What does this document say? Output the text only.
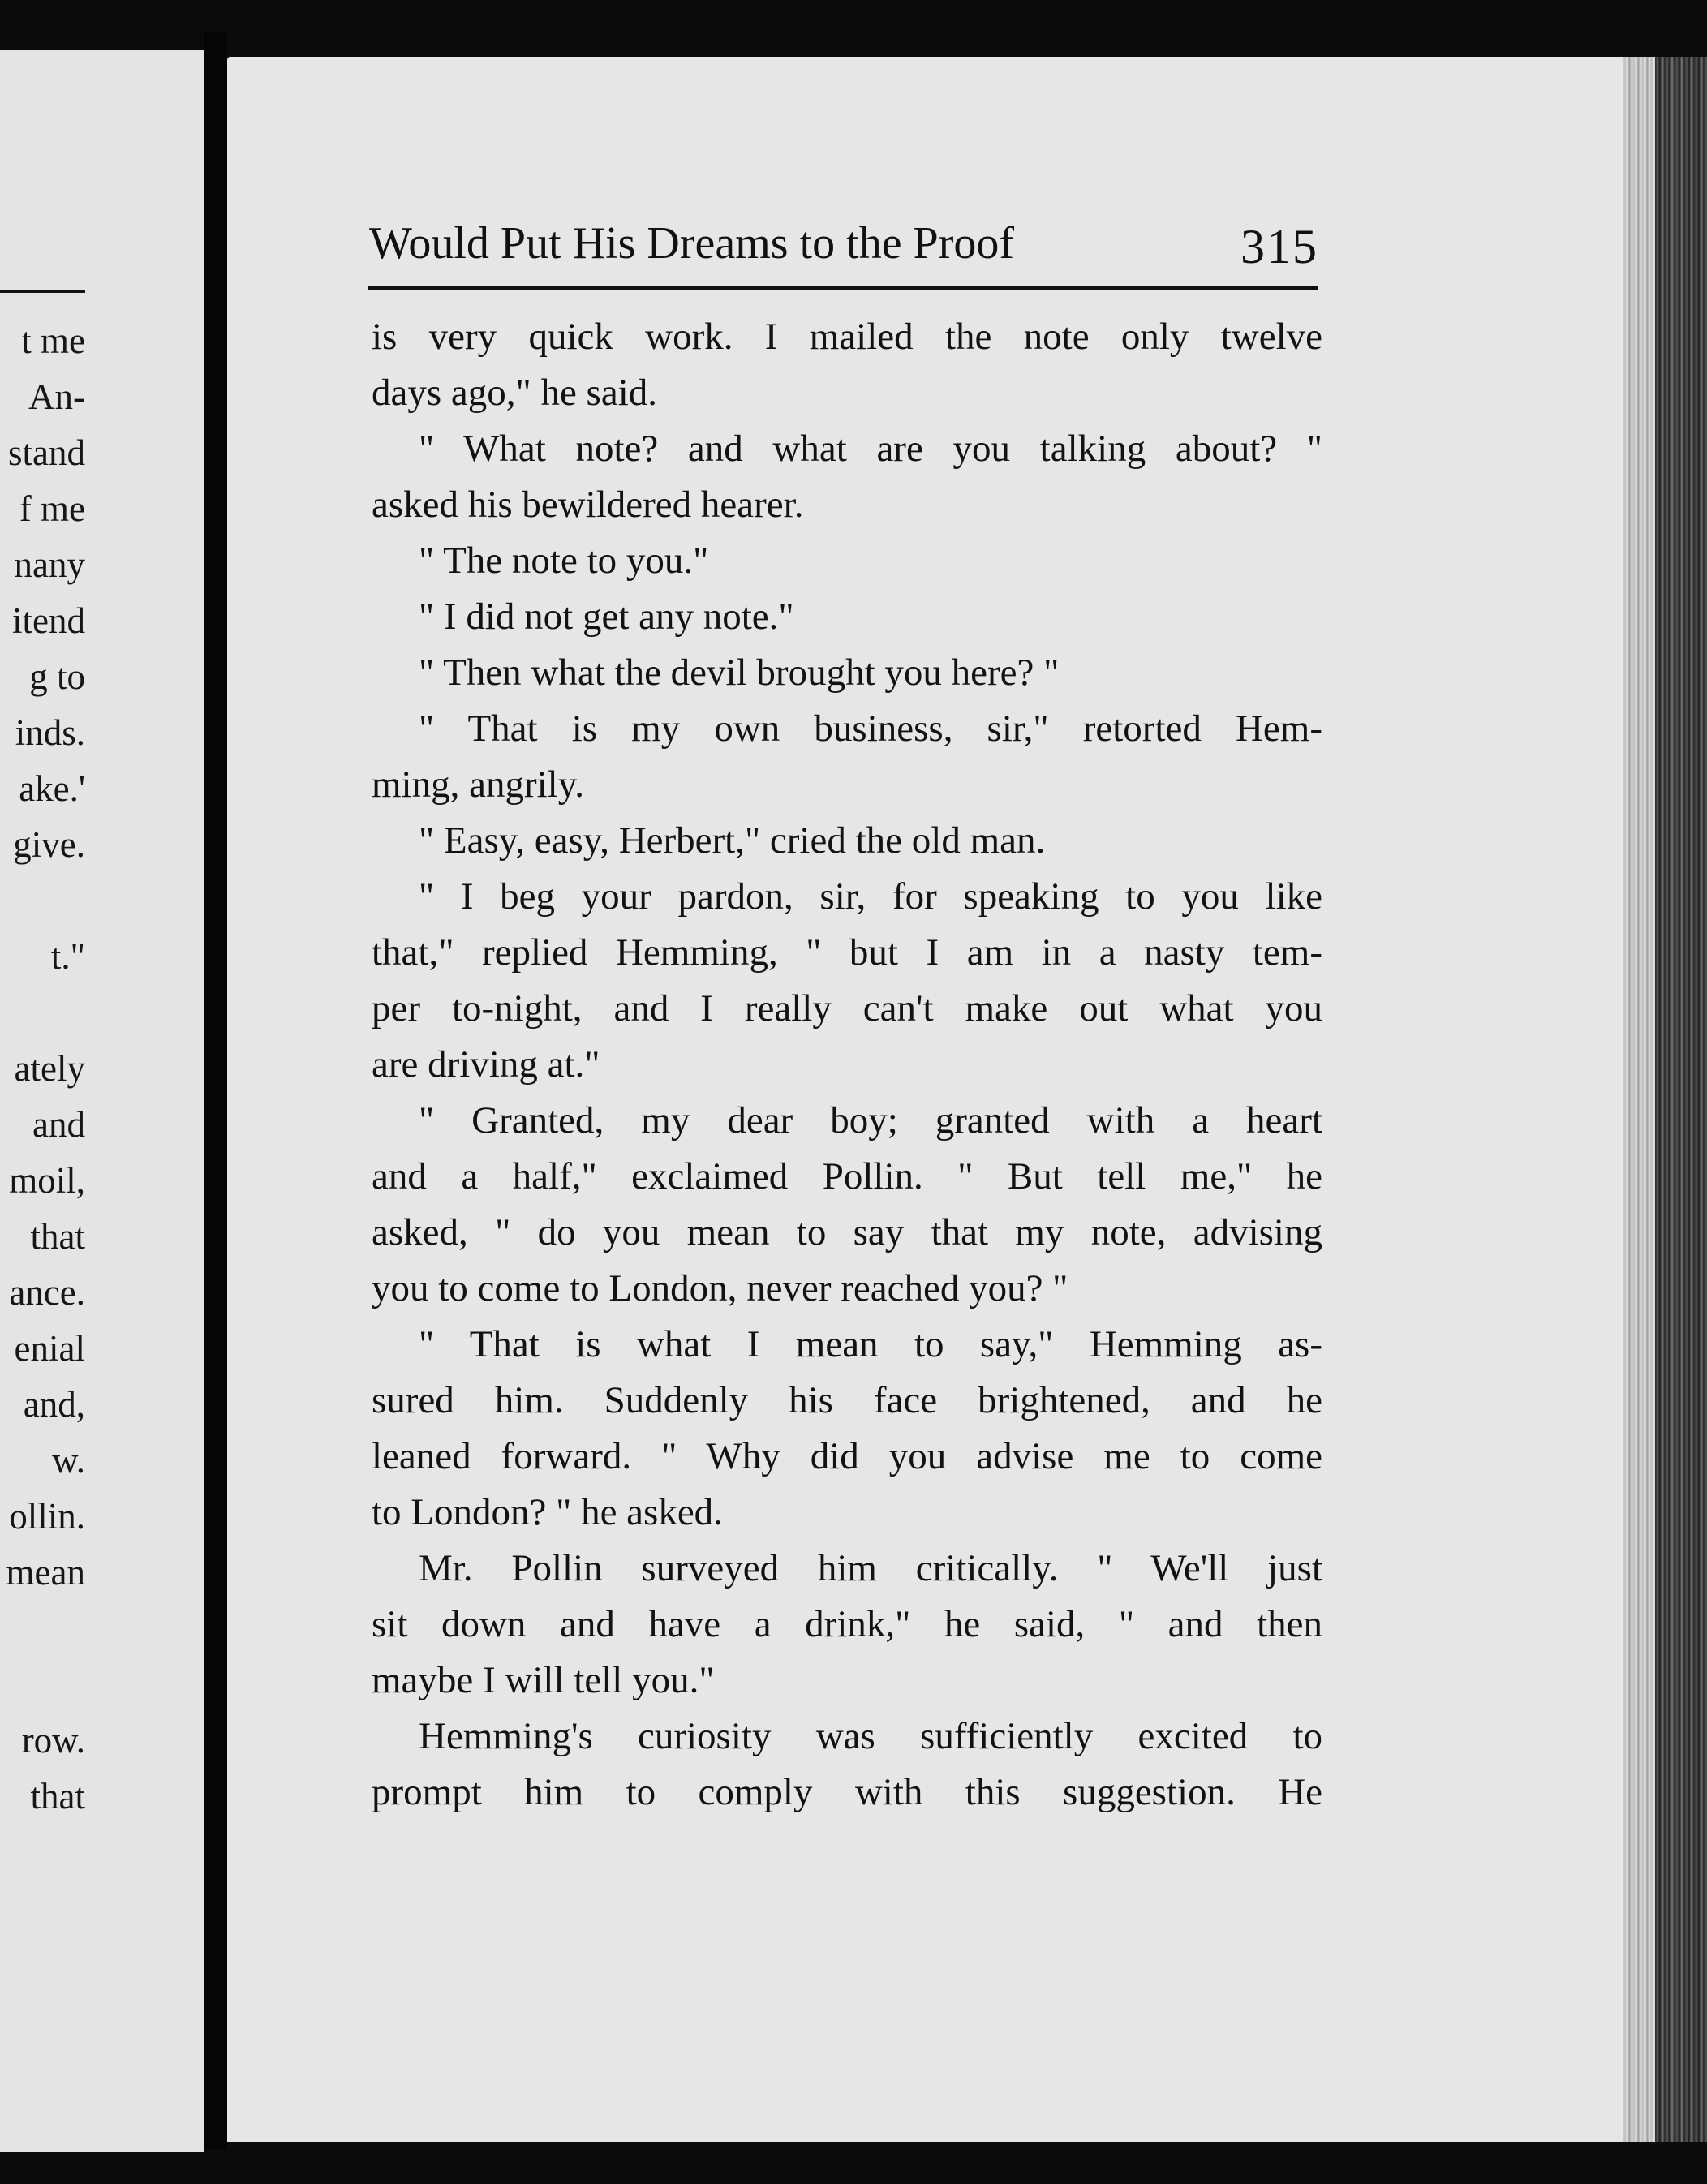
t me
An-
stand
f me
nany
itend
g to
inds.
ake.'
give.
t."
ately
and
moil,
that
ance.
enial
and,
w.
ollin.
mean
row.
that
Would Put His Dreams to the Proof	315
is very quick work. I mailed the note only twelve
days ago," he said.
" What note? and what are you talking about? "
asked his bewildered hearer.
" The note to you."
" I did not get any note."
" Then what the devil brought you here? "
" That is my own business, sir," retorted Hem-
ming, angrily.
" Easy, easy, Herbert," cried the old man.
" I beg your pardon, sir, for speaking to you like
that," replied Hemming, " but I am in a nasty tem-
per to-night, and I really can't make out what you
are driving at."
" Granted, my dear boy; granted with a heart
and a half," exclaimed Pollin. " But tell me," he
asked, " do you mean to say that my note, advising
you to come to London, never reached you? "
" That is what I mean to say," Hemming as-
sured him. Suddenly his face brightened, and he
leaned forward. " Why did you advise me to come
to London? " he asked.
Mr. Pollin surveyed him critically. " We'll just
sit down and have a drink," he said, " and then
maybe I will tell you."
Hemming's curiosity was sufficiently excited to
prompt him to comply with this suggestion. He
